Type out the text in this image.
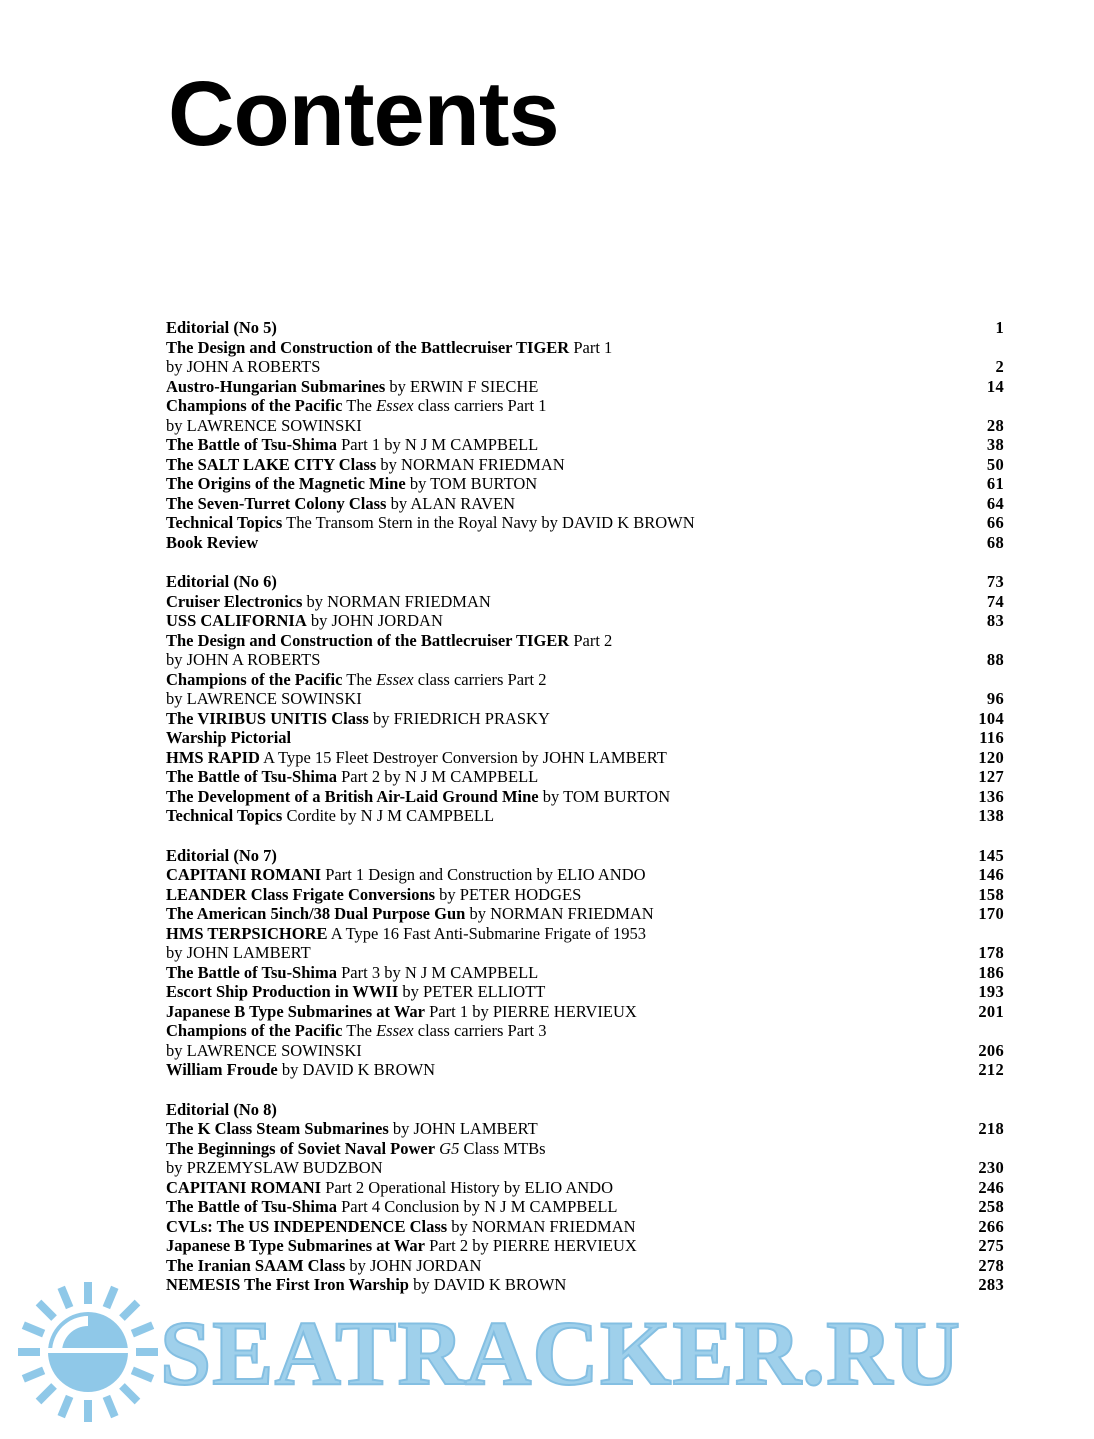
Contents
Editorial (No 5)	1
The Design and Construction of the Battlecruiser TIGER Part 1
by JOHN A ROBERTS	2
Austro-Hungarian Submarines by ERWIN F SIECHE	14
Champions of the Pacific The Essex class carriers Part 1
by LAWRENCE SOWINSKI	28
The Battle of Tsu-Shima Part 1 by N J M CAMPBELL	38
The SALT LAKE CITY Class by NORMAN FRIEDMAN	50
The Origins of the Magnetic Mine by TOM BURTON	61
The Seven-Turret Colony Class by ALAN RAVEN	64
Technical Topics The Transom Stern in the Royal Navy by DAVID K BROWN	66
Book Review	68
Editorial (No 6)	73
Cruiser Electronics by NORMAN FRIEDMAN	74
USS CALIFORNIA by JOHN JORDAN	83
The Design and Construction of the Battlecruiser TIGER Part 2
by JOHN A ROBERTS	88
Champions of the Pacific The Essex class carriers Part 2
by LAWRENCE SOWINSKI	96
The VIRIBUS UNITIS Class by FRIEDRICH PRASKY	104
Warship Pictorial	116
HMS RAPID A Type 15 Fleet Destroyer Conversion by JOHN LAMBERT	120
The Battle of Tsu-Shima Part 2 by N J M CAMPBELL	127
The Development of a British Air-Laid Ground Mine by TOM BURTON	136
Technical Topics Cordite by N J M CAMPBELL	138
Editorial (No 7)	145
CAPITANI ROMANI Part 1 Design and Construction by ELIO ANDO	146
LEANDER Class Frigate Conversions by PETER HODGES	158
The American 5inch/38 Dual Purpose Gun by NORMAN FRIEDMAN	170
HMS TERPSICHORE A Type 16 Fast Anti-Submarine Frigate of 1953
by JOHN LAMBERT	178
The Battle of Tsu-Shima Part 3 by N J M CAMPBELL	186
Escort Ship Production in WWII by PETER ELLIOTT	193
Japanese B Type Submarines at War Part 1 by PIERRE HERVIEUX	201
Champions of the Pacific The Essex class carriers Part 3
by LAWRENCE SOWINSKI	206
William Froude by DAVID K BROWN	212
Editorial (No 8)
The K Class Steam Submarines by JOHN LAMBERT	218
The Beginnings of Soviet Naval Power G5 Class MTBs
by PRZEMYSLAW BUDZBON	230
CAPITANI ROMANI Part 2 Operational History by ELIO ANDO	246
The Battle of Tsu-Shima Part 4 Conclusion by N J M CAMPBELL	258
CVLs: The US INDEPENDENCE Class by NORMAN FRIEDMAN	266
Japanese B Type Submarines at War Part 2 by PIERRE HERVIEUX	275
The Iranian SAAM Class by JOHN JORDAN	278
NEMESIS The First Iron Warship by DAVID K BROWN	283
SEATRACKER.RU
